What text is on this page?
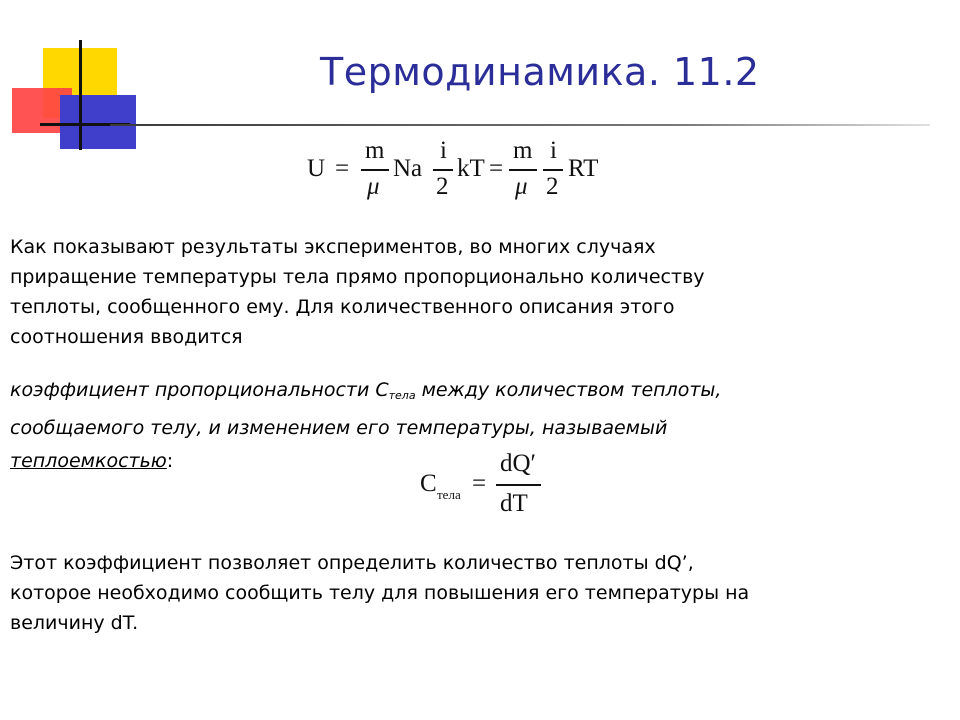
Термодинамика. 11.2
U =
m
μ
Na
i
2
kT =
m
μ
i
2
RT
Как показывают результаты экспериментов, во многих случаях
приращение температуры тела прямо пропорционально количеству
теплоты, сообщенного ему. Для количественного описания этого
соотношения вводится
коэффициент пропорциональности Стела между количеством теплоты,
сообщаемого телу, и изменением его температуры, называемый
теплоемкостью:
C тела =
dQ′
dT
Этот коэффициент позволяет определить количество теплоты dQ’,
которое необходимо сообщить телу для повышения его температуры на
величину dT.
